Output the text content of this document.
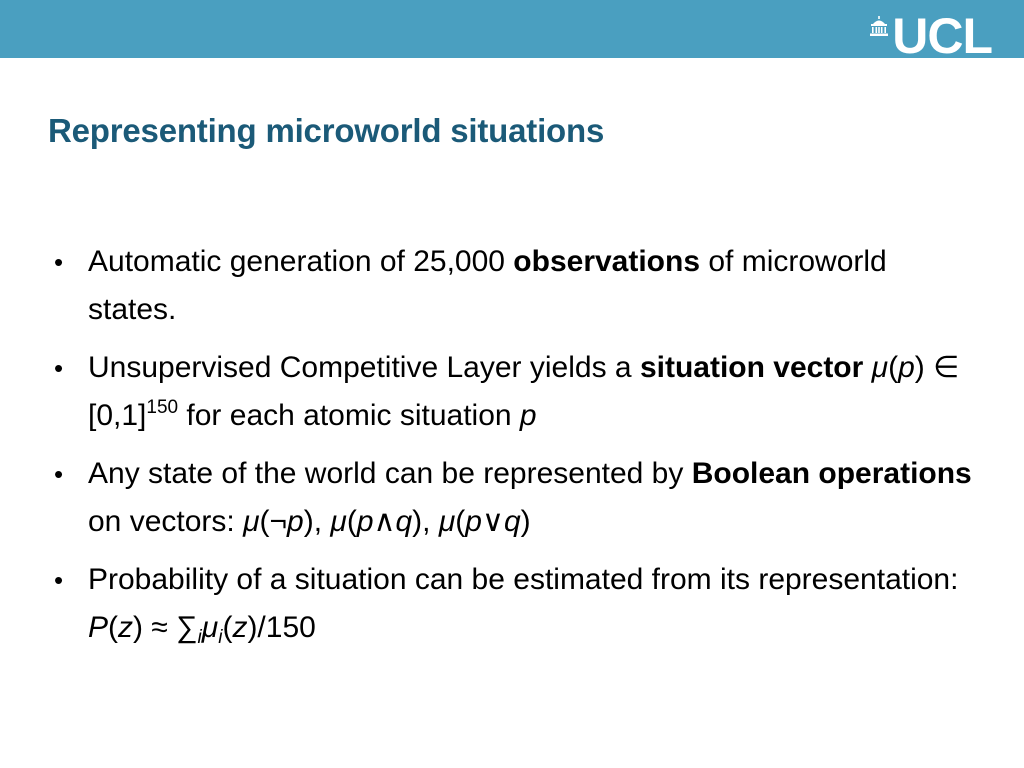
UCL
Representing microworld situations
• Automatic generation of 25,000 observations of microworld states.
• Unsupervised Competitive Layer yields a situation vector μ(p) ∈ $[0,1]^{150}$ for each atomic situation p
• Any state of the world can be represented by Boolean operations on vectors: μ(¬p), μ(p∧q), μ(p∨q)
• Probability of a situation can be estimated from its representation: $P(z) \approx \sum_i\mu_i(z)/150$
